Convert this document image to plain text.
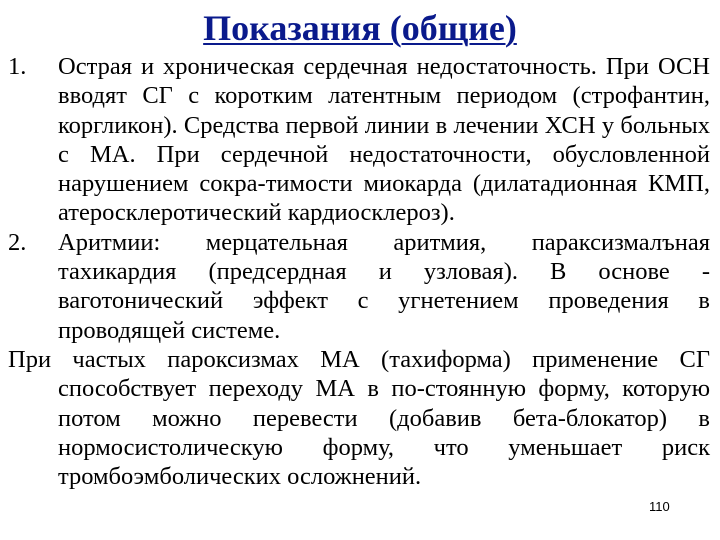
Показания (общие)
1.	Острая и хроническая сердечная недостаточность. При ОСН вводят СГ с коротким латентным периодом (строфантин, коргликон). Средства первой линии в лечении ХСН у больных с МА. При сердечной недостаточности, обусловленной нарушением сокра-тимости миокарда (дилатадионная КМП, атеросклеротический кардиосклероз).
2.	Аритмии: мерцательная аритмия, параксизмалъная тахикардия (предсердная и узловая). В основе - ваготонический эффект с угнетением проведения в проводящей системе.
При частых пароксизмах МА (тахиформа) применение СГ способствует переходу МА в по-стоянную форму, которую потом можно перевести (добавив бета-блокатор) в нормосистолическую форму, что уменьшает риск тромбоэмболических осложнений.
110
